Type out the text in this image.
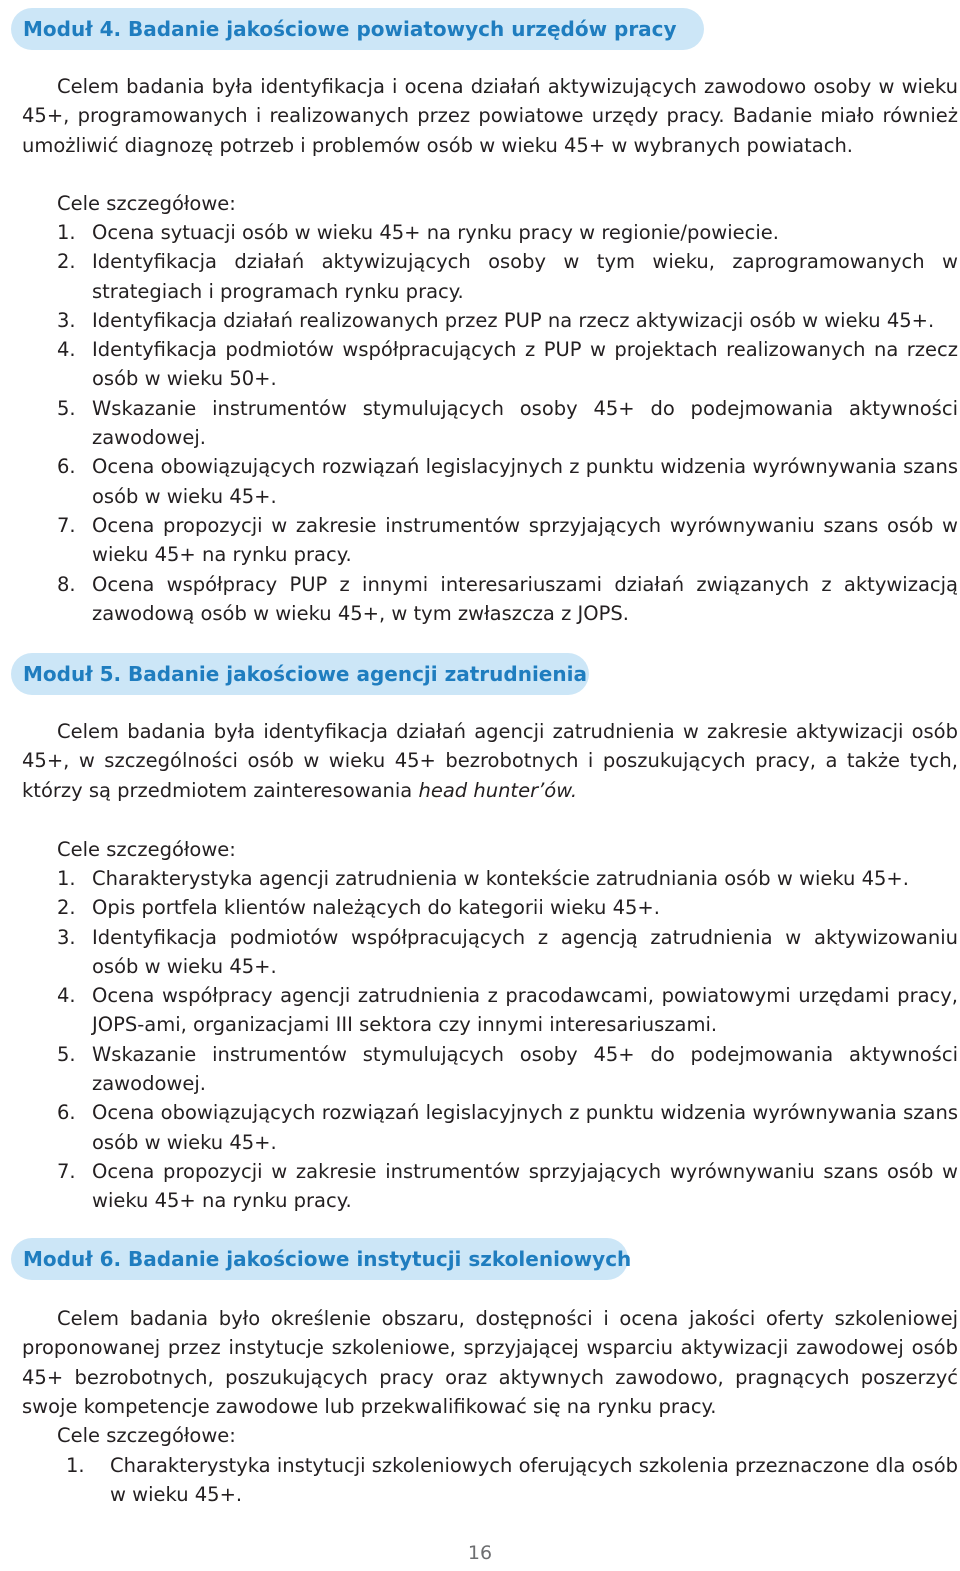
Moduł 4. Badanie jakościowe powiatowych urzędów pracy

Celem badania była identyfikacja i ocena działań aktywizujących zawodowo osoby w wieku 45+, programowanych i realizowanych przez powiatowe urzędy pracy. Badanie miało również umożliwić diagnozę potrzeb i problemów osób w wieku 45+ w wybranych powiatach.

Cele szczegółowe:

1. Ocena sytuacji osób w wieku 45+ na rynku pracy w regionie/powiecie.
2. Identyfikacja działań aktywizujących osoby w tym wieku, zaprogramowanych w strategiach i programach rynku pracy.
3. Identyfikacja działań realizowanych przez PUP na rzecz aktywizacji osób w wieku 45+.
4. Identyfikacja podmiotów współpracujących z PUP w projektach realizowanych na rzecz osób w wieku 50+.
5. Wskazanie instrumentów stymulujących osoby 45+ do podejmowania aktywności zawodowej.
6. Ocena obowiązujących rozwiązań legislacyjnych z punktu widzenia wyrównywania szans osób w wieku 45+.
7. Ocena propozycji w zakresie instrumentów sprzyjających wyrównywaniu szans osób w wieku 45+ na rynku pracy.
8. Ocena współpracy PUP z innymi interesariuszami działań związanych z aktywizacją zawodową osób w wieku 45+, w tym zwłaszcza z JOPS.
Moduł 5. Badanie jakościowe agencji zatrudnienia

Celem badania była identyfikacja działań agencji zatrudnienia w zakresie aktywizacji osób 45+, w szczególności osób w wieku 45+ bezrobotnych i poszukujących pracy, a także tych, którzy są przedmiotem zainteresowania head hunter’ów.

Cele szczegółowe:

1. Charakterystyka agencji zatrudnienia w kontekście zatrudniania osób w wieku 45+.
2. Opis portfela klientów należących do kategorii wieku 45+.
3. Identyfikacja podmiotów współpracujących z agencją zatrudnienia w aktywizowaniu osób w wieku 45+.
4. Ocena współpracy agencji zatrudnienia z pracodawcami, powiatowymi urzędami pracy, JOPS-ami, organizacjami III sektora czy innymi interesariuszami.
5. Wskazanie instrumentów stymulujących osoby 45+ do podejmowania aktywności zawodowej.
6. Ocena obowiązujących rozwiązań legislacyjnych z punktu widzenia wyrównywania szans osób w wieku 45+.
7. Ocena propozycji w zakresie instrumentów sprzyjających wyrównywaniu szans osób w wieku 45+ na rynku pracy.
Moduł 6. Badanie jakościowe instytucji szkoleniowych

Celem badania było określenie obszaru, dostępności i ocena jakości oferty szkoleniowej proponowanej przez instytucje szkoleniowe, sprzyjającej wsparciu aktywizacji zawodowej osób 45+ bezrobotnych, poszukujących pracy oraz aktywnych zawodowo, pragnących poszerzyć swoje kompetencje zawodowe lub przekwalifikować się na rynku pracy.

Cele szczegółowe:

1. Charakterystyka instytucji szkoleniowych oferujących szkolenia przeznaczone dla osób w wieku 45+.
16
